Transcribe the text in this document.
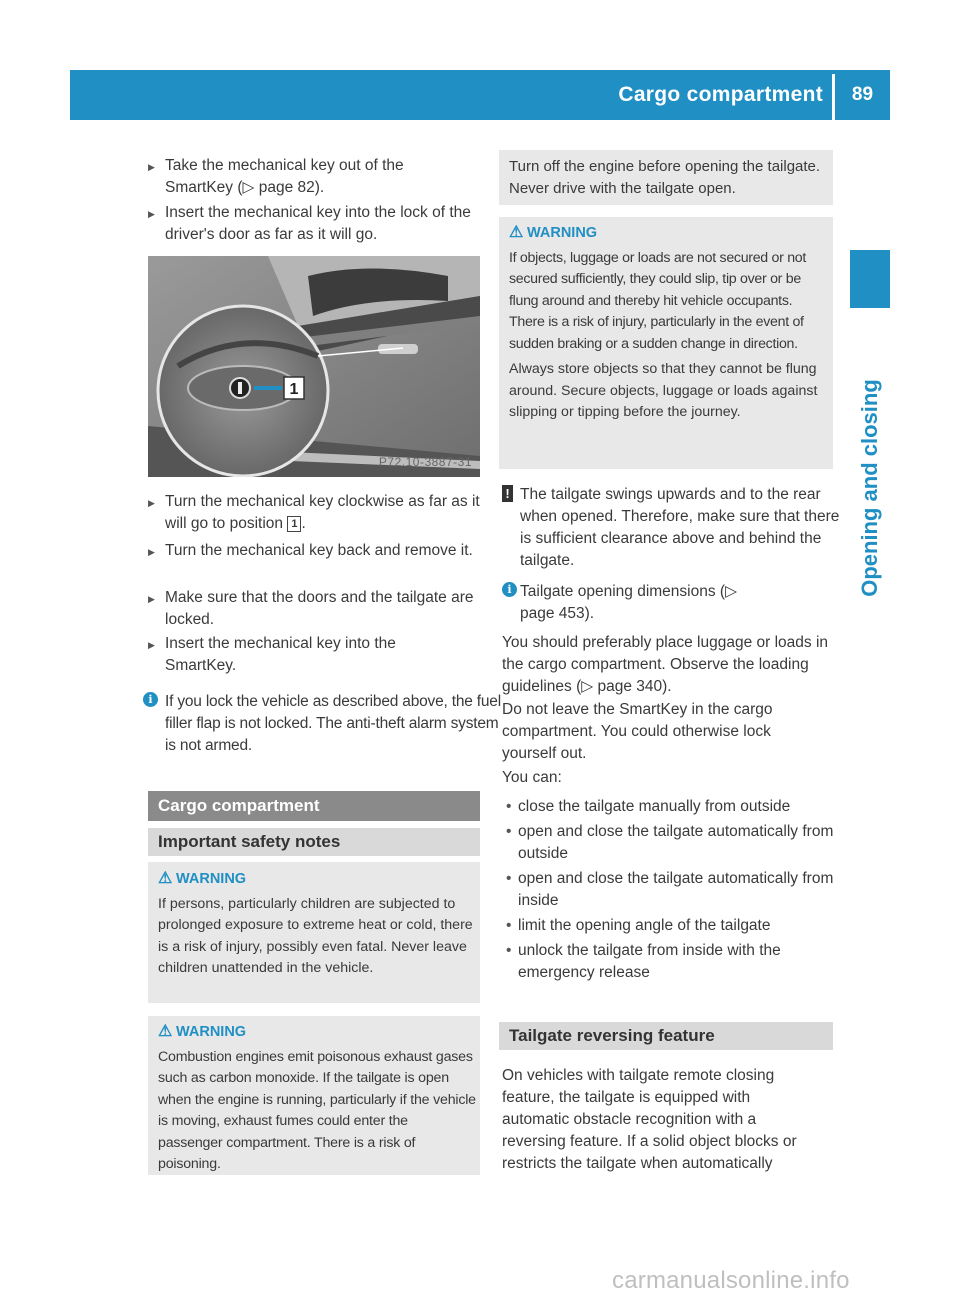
Cargo compartment	89
Opening and closing
▶ Take the mechanical key out of the SmartKey (▷ page 82).
▶ Insert the mechanical key into the lock of the driver's door as far as it will go.
1
P72.10-3887-31
▶ Turn the mechanical key clockwise as far as it will go to position 1 .
▶ Turn the mechanical key back and remove it.
▶ Make sure that the doors and the tailgate are locked.
▶ Insert the mechanical key into the SmartKey.
i If you lock the vehicle as described above, the fuel filler flap is not locked. The anti-theft alarm system is not armed.
Cargo compartment
Important safety notes
⚠ WARNING
If persons, particularly children are subjected to prolonged exposure to extreme heat or cold, there is a risk of injury, possibly even fatal. Never leave children unattended in the vehicle.
⚠ WARNING
Combustion engines emit poisonous exhaust gases such as carbon monoxide. If the tailgate is open when the engine is running, particularly if the vehicle is moving, exhaust fumes could enter the passenger compartment. There is a risk of poisoning.
Turn off the engine before opening the tailgate. Never drive with the tailgate open.
⚠ WARNING
If objects, luggage or loads are not secured or not secured sufficiently, they could slip, tip over or be flung around and thereby hit vehicle occupants. There is a risk of injury, particularly in the event of sudden braking or a sudden change in direction.
Always store objects so that they cannot be flung around. Secure objects, luggage or loads against slipping or tipping before the journey.
! The tailgate swings upwards and to the rear when opened. Therefore, make sure that there is sufficient clearance above and behind the tailgate.
i Tailgate opening dimensions (▷ page 453).
You should preferably place luggage or loads in the cargo compartment. Observe the loading guidelines (▷ page 340).
Do not leave the SmartKey in the cargo compartment. You could otherwise lock yourself out.
You can:
• close the tailgate manually from outside
• open and close the tailgate automatically from outside
• open and close the tailgate automatically from inside
• limit the opening angle of the tailgate
• unlock the tailgate from inside with the emergency release
Tailgate reversing feature
On vehicles with tailgate remote closing feature, the tailgate is equipped with automatic obstacle recognition with a reversing feature. If a solid object blocks or restricts the tailgate when automatically
carmanualsonline.info
